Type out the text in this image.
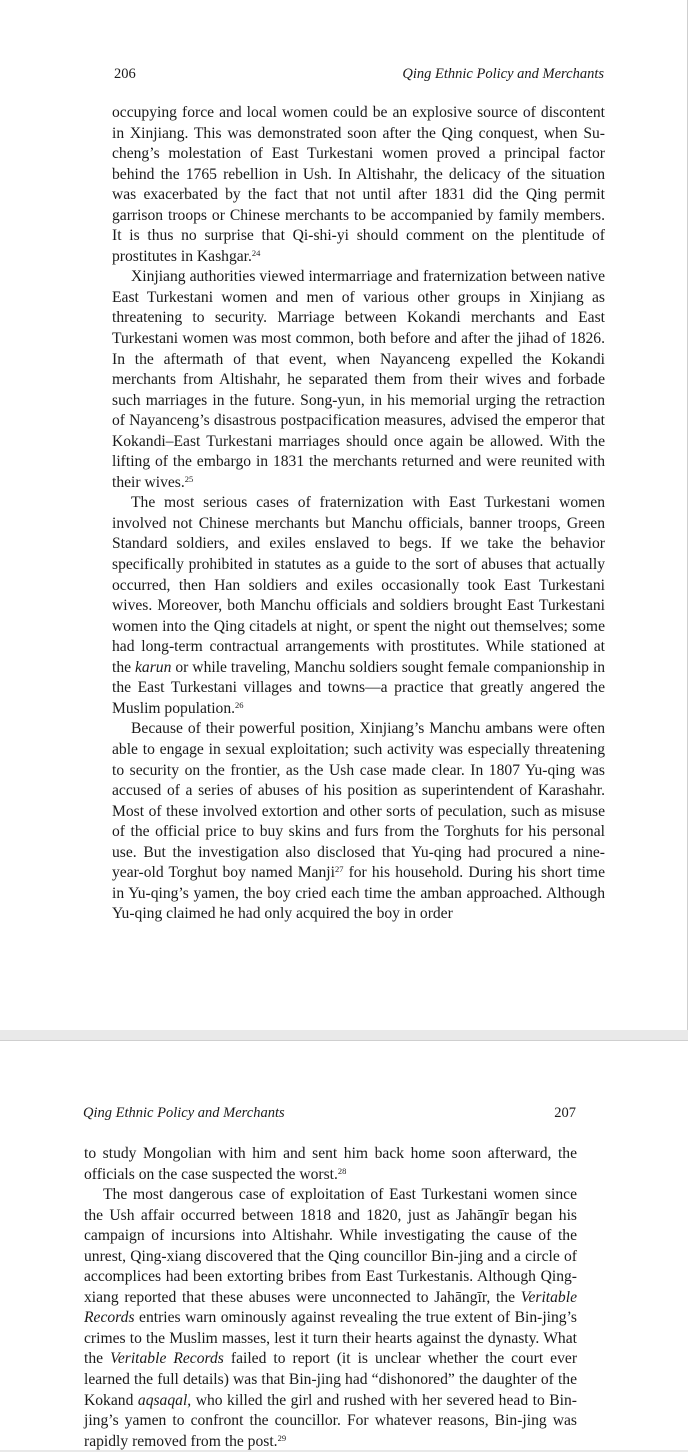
206	Qing Ethnic Policy and Merchants

occupying force and local women could be an explosive source of discontent in Xinjiang. This was demonstrated soon after the Qing conquest, when Su-cheng’s molestation of East Turkestani women proved a principal factor behind the 1765 rebellion in Ush. In Altishahr, the delicacy of the situation was exacerbated by the fact that not until after 1831 did the Qing permit garrison troops or Chinese merchants to be accompanied by family members. It is thus no surprise that Qi-shi-yi should comment on the plentitude of prostitutes in Kashgar.$^{24}$

Xinjiang authorities viewed intermarriage and fraternization between native East Turkestani women and men of various other groups in Xinjiang as threatening to security. Marriage between Kokandi merchants and East Turkestani women was most common, both before and after the jihad of 1826. In the aftermath of that event, when Nayanceng expelled the Kokandi merchants from Altishahr, he separated them from their wives and forbade such marriages in the future. Song-yun, in his memorial urging the retraction of Nayanceng’s disastrous postpacification measures, advised the emperor that Kokandi–East Turkestani marriages should once again be allowed. With the lifting of the embargo in 1831 the merchants returned and were reunited with their wives.$^{25}$

The most serious cases of fraternization with East Turkestani women involved not Chinese merchants but Manchu officials, banner troops, Green Standard soldiers, and exiles enslaved to begs. If we take the behavior specifically prohibited in statutes as a guide to the sort of abuses that actually occurred, then Han soldiers and exiles occasionally took East Turkestani wives. Moreover, both Manchu officials and soldiers brought East Turkestani women into the Qing citadels at night, or spent the night out themselves; some had long-term contractual arrangements with prostitutes. While stationed at the karun or while traveling, Manchu soldiers sought female companionship in the East Turkestani villages and towns—a practice that greatly angered the Muslim population.$^{26}$

Because of their powerful position, Xinjiang’s Manchu ambans were often able to engage in sexual exploitation; such activity was especially threatening to security on the frontier, as the Ush case made clear. In 1807 Yu-qing was accused of a series of abuses of his position as superintendent of Karashahr. Most of these involved extortion and other sorts of peculation, such as misuse of the official price to buy skins and furs from the Torghuts for his personal use. But the investigation also disclosed that Yu-qing had procured a nine-year-old Torghut boy named Manji$^{27}$ for his household. During his short time in Yu-qing’s yamen, the boy cried each time the amban approached. Although Yu-qing claimed he had only acquired the boy in order

Qing Ethnic Policy and Merchants	207

to study Mongolian with him and sent him back home soon afterward, the officials on the case suspected the worst.$^{28}$

The most dangerous case of exploitation of East Turkestani women since the Ush affair occurred between 1818 and 1820, just as Jahāngīr began his campaign of incursions into Altishahr. While investigating the cause of the unrest, Qing-xiang discovered that the Qing councillor Bin-jing and a circle of accomplices had been extorting bribes from East Turkestanis. Although Qing-xiang reported that these abuses were unconnected to Jahāngīr, the Veritable Records entries warn ominously against revealing the true extent of Bin-jing’s crimes to the Muslim masses, lest it turn their hearts against the dynasty. What the Veritable Records failed to report (it is unclear whether the court ever learned the full details) was that Bin-jing had “dishonored” the daughter of the Kokand aqsaqal, who killed the girl and rushed with her severed head to Bin-jing’s yamen to confront the councillor. For whatever reasons, Bin-jing was rapidly removed from the post.$^{29}$
